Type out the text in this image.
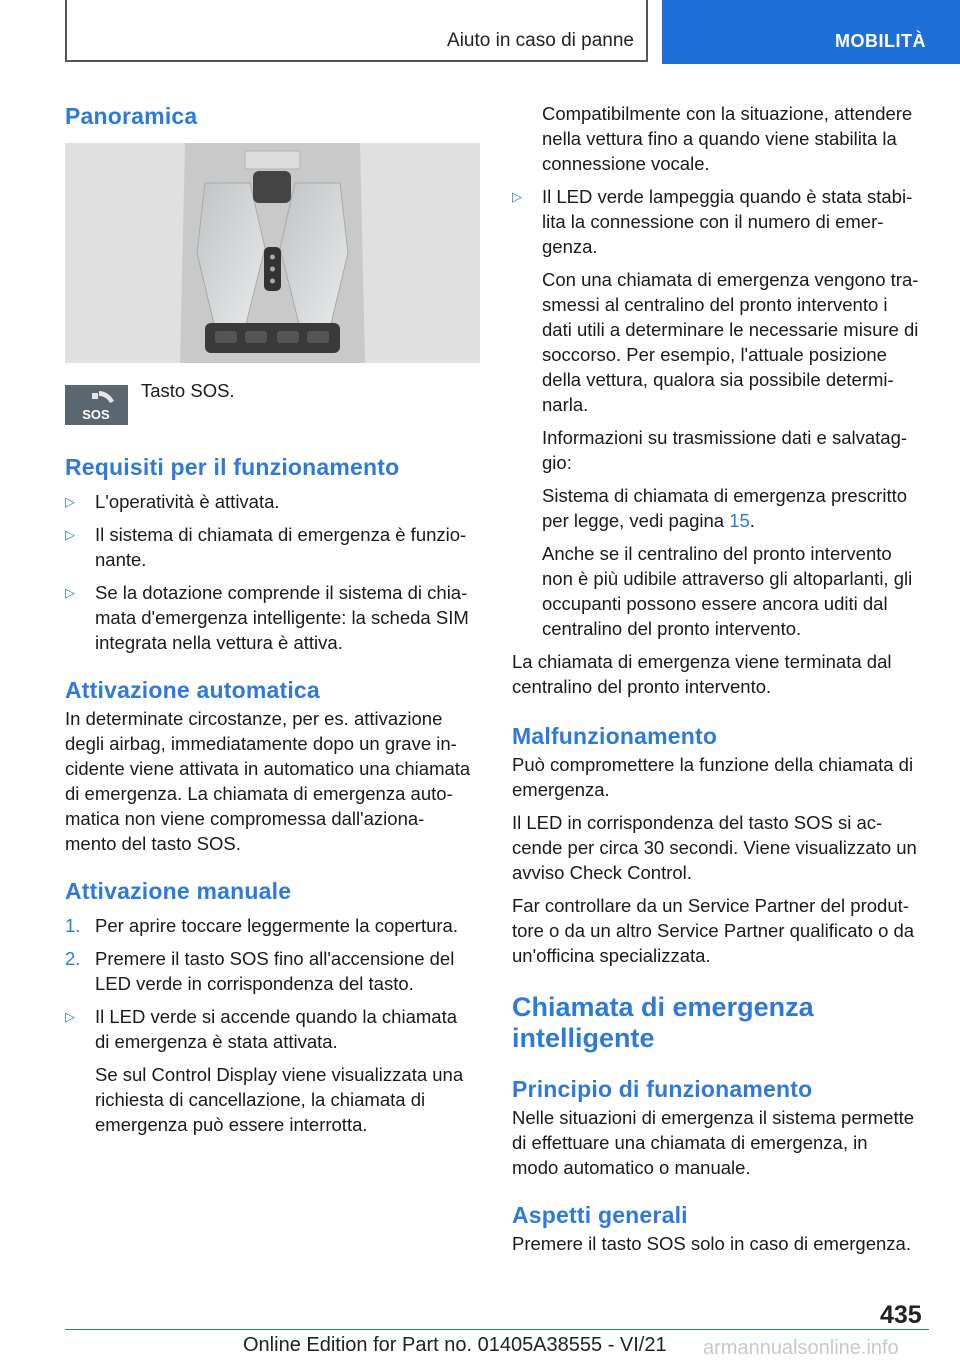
Aiuto in caso di panne	MOBILITÀ
Panoramica
SOS
Tasto SOS.
Requisiti per il funzionamento
▷ L'operatività è attivata.
▷ Il sistema di chiamata di emergenza è funzio-
nante.
▷ Se la dotazione comprende il sistema di chia-
mata d'emergenza intelligente: la scheda SIM
integrata nella vettura è attiva.
Attivazione automatica

In determinate circostanze, per es. attivazione
degli airbag, immediatamente dopo un grave in-
cidente viene attivata in automatico una chiamata
di emergenza. La chiamata di emergenza auto-
matica non viene compromessa dall'aziona-
mento del tasto SOS.

Attivazione manuale
1. Per aprire toccare leggermente la copertura.
2. Premere il tasto SOS fino all'accensione del
LED verde in corrispondenza del tasto.
▷ Il LED verde si accende quando la chiamata
di emergenza è stata attivata.
Se sul Control Display viene visualizzata una
richiesta di cancellazione, la chiamata di
emergenza può essere interrotta.
Compatibilmente con la situazione, attendere
nella vettura fino a quando viene stabilita la
connessione vocale.
▷ Il LED verde lampeggia quando è stata stabi-
lita la connessione con il numero di emer-
genza.
Con una chiamata di emergenza vengono tra-
smessi al centralino del pronto intervento i
dati utili a determinare le necessarie misure di
soccorso. Per esempio, l'attuale posizione
della vettura, qualora sia possibile determi-
narla.
Informazioni su trasmissione dati e salvatag-
gio:
Sistema di chiamata di emergenza prescritto
per legge, vedi pagina 15.
Anche se il centralino del pronto intervento
non è più udibile attraverso gli altoparlanti, gli
occupanti possono essere ancora uditi dal
centralino del pronto intervento.

La chiamata di emergenza viene terminata dal
centralino del pronto intervento.

Malfunzionamento

Può compromettere la funzione della chiamata di
emergenza.

Il LED in corrispondenza del tasto SOS si ac-
cende per circa 30 secondi. Viene visualizzato un
avviso Check Control.

Far controllare da un Service Partner del produt-
tore o da un altro Service Partner qualificato o da
un'officina specializzata.

Chiamata di emergenza
intelligente
Principio di funzionamento

Nelle situazioni di emergenza il sistema permette
di effettuare una chiamata di emergenza, in
modo automatico o manuale.

Aspetti generali

Premere il tasto SOS solo in caso di emergenza.

435
Online Edition for Part no. 01405A38555 - VI/21 armannualsonline.info
